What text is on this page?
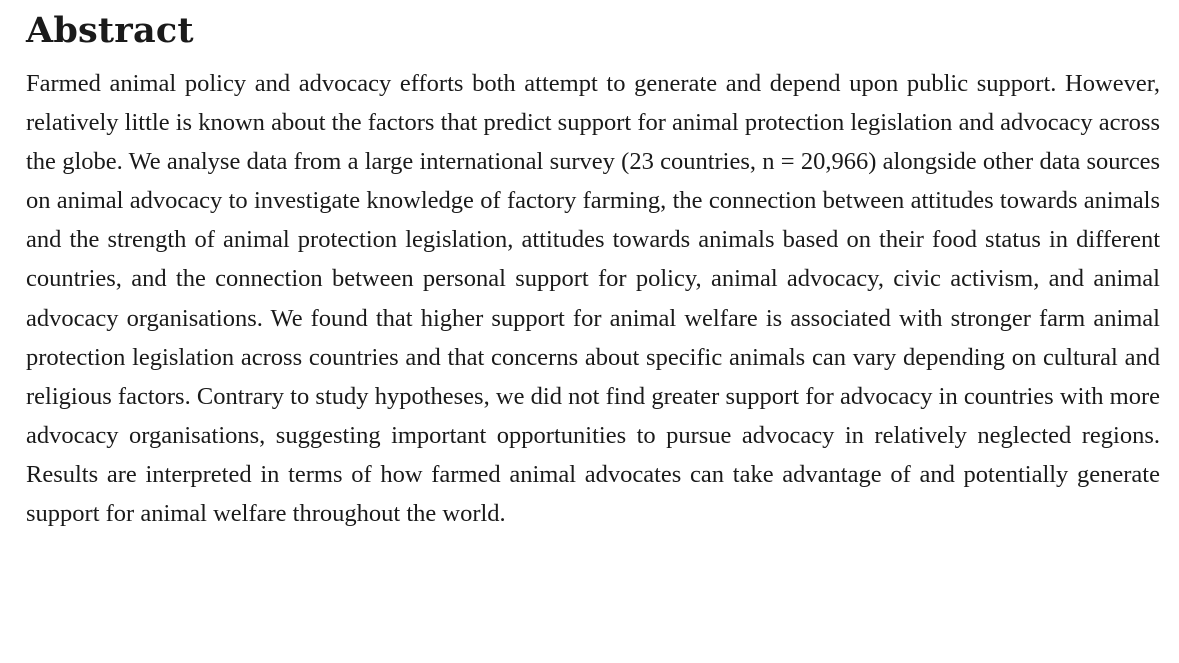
Abstract

Farmed animal policy and advocacy efforts both attempt to generate and depend upon public support. However, relatively little is known about the factors that predict support for animal protection legislation and advocacy across the globe. We analyse data from a large international survey (23 countries, n = 20,966) alongside other data sources on animal advocacy to investigate knowledge of factory farming, the connection between attitudes towards animals and the strength of animal protection legislation, attitudes towards animals based on their food status in different countries, and the connection between personal support for policy, animal advocacy, civic activism, and animal advocacy organisations. We found that higher support for animal welfare is associated with stronger farm animal protection legislation across countries and that concerns about specific animals can vary depending on cultural and religious factors. Contrary to study hypotheses, we did not find greater support for advocacy in countries with more advocacy organisations, suggesting important opportunities to pursue advocacy in relatively neglected regions. Results are interpreted in terms of how farmed animal advocates can take advantage of and potentially generate support for animal welfare throughout the world.
